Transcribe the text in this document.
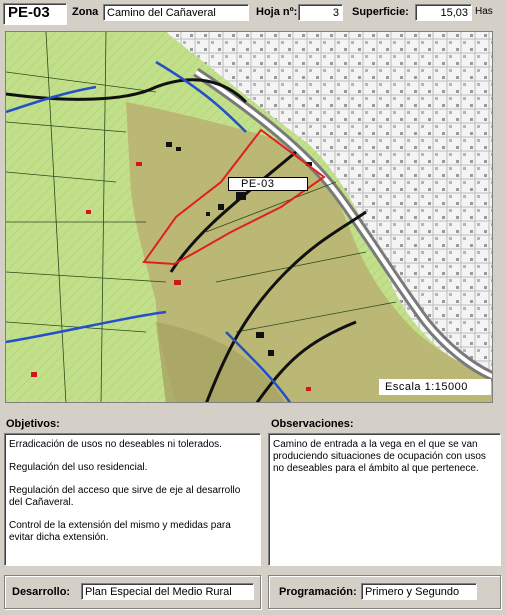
PE-03	Zona Camino del Cañaveral	Hoja nº:	3	Superficie:	15,03 Has
PE-03
Escala 1:15000
Objetivos:

Erradicación de usos no deseables ni tolerados.

Regulación del uso residencial.

Regulación del acceso que sirve de eje al desarrollo del Cañaveral.

Control de la extensión del mismo y medidas para evitar dicha extensión.

Observaciones:

Camino de entrada a la vega en el que se van produciendo situaciones de ocupación con usos no deseables para el ámbito al que pertenece.

Desarrollo:	Plan Especial del Medio Rural	Programación: Primero y Segundo
